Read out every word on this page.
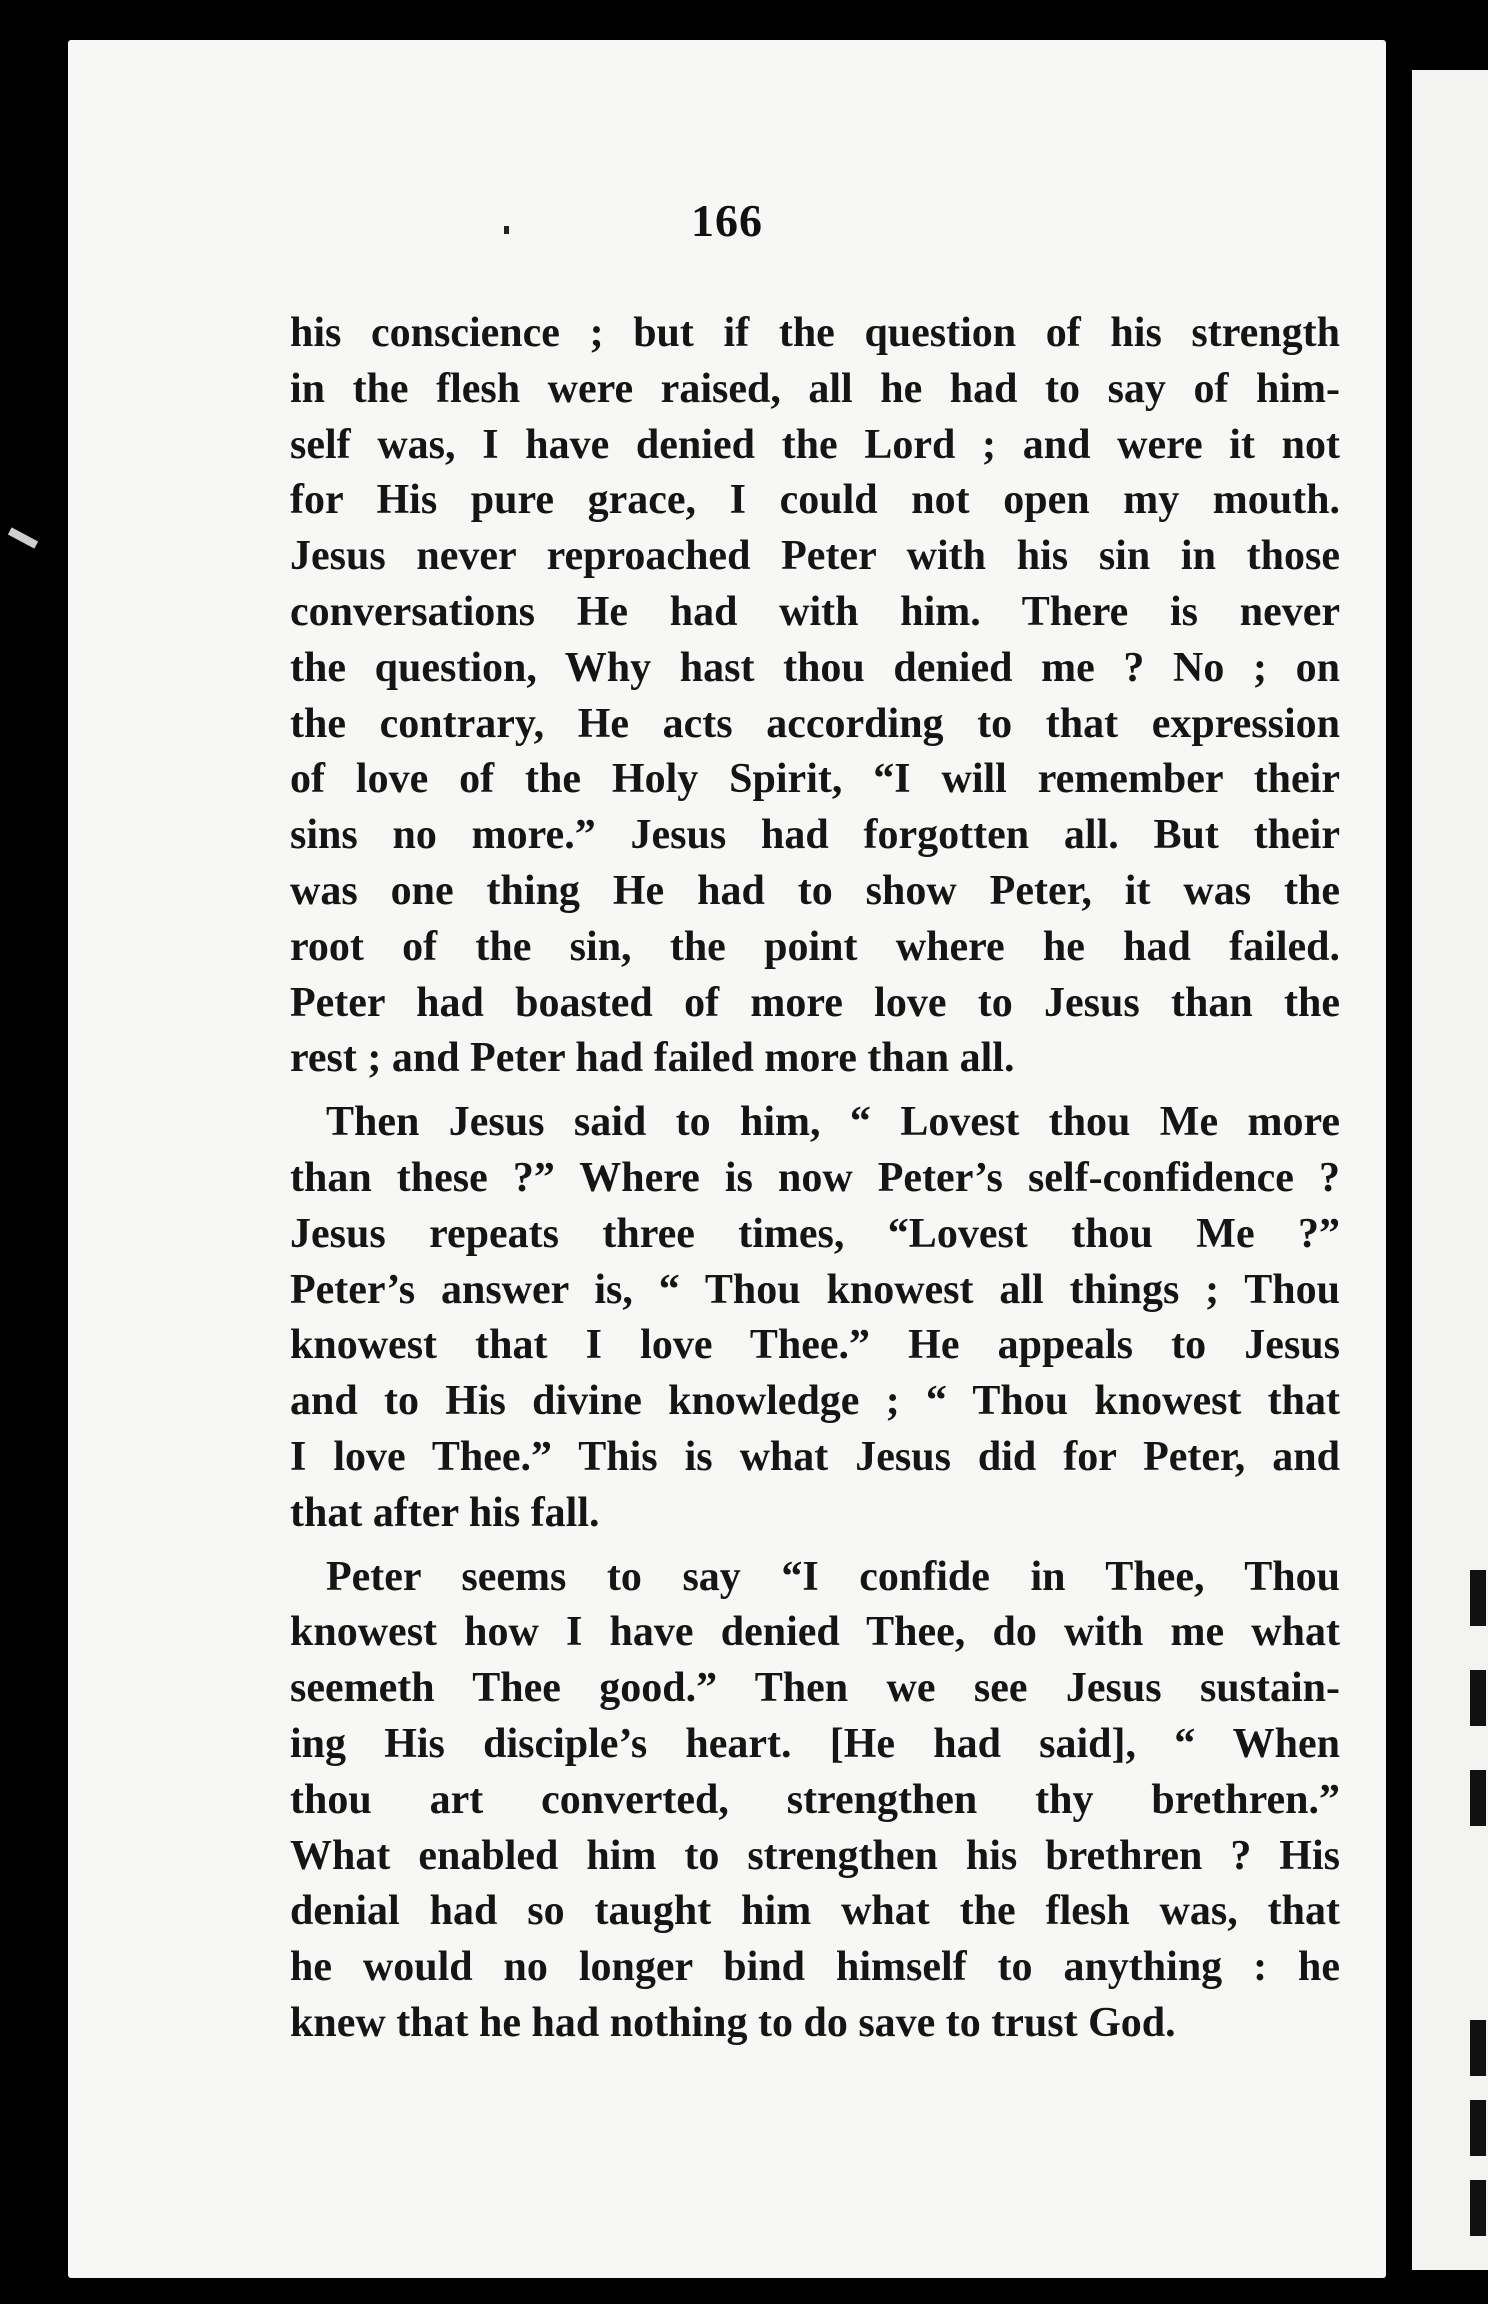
166
his conscience ; but if the question of his strength
in the flesh were raised, all he had to say of him-
self was, I have denied the Lord ; and were it not
for His pure grace, I could not open my mouth.
Jesus never reproached Peter with his sin in those
conversations He had with him. There is never
the question, Why hast thou denied me ? No ; on
the contrary, He acts according to that expression
of love of the Holy Spirit, “I will remember their
sins no more.” Jesus had forgotten all. But their
was one thing He had to show Peter, it was the
root of the sin, the point where he had failed.
Peter had boasted of more love to Jesus than the
rest ; and Peter had failed more than all.
Then Jesus said to him, “ Lovest thou Me more
than these ?” Where is now Peter’s self-confidence ?
Jesus repeats three times, “Lovest thou Me ?”
Peter’s answer is, “ Thou knowest all things ; Thou
knowest that I love Thee.” He appeals to Jesus
and to His divine knowledge ; “ Thou knowest that
I love Thee.” This is what Jesus did for Peter, and
that after his fall.
Peter seems to say “I confide in Thee, Thou
knowest how I have denied Thee, do with me what
seemeth Thee good.” Then we see Jesus sustain-
ing His disciple’s heart. [He had said], “ When
thou art converted, strengthen thy brethren.”
What enabled him to strengthen his brethren ? His
denial had so taught him what the flesh was, that
he would no longer bind himself to anything : he
knew that he had nothing to do save to trust God.
